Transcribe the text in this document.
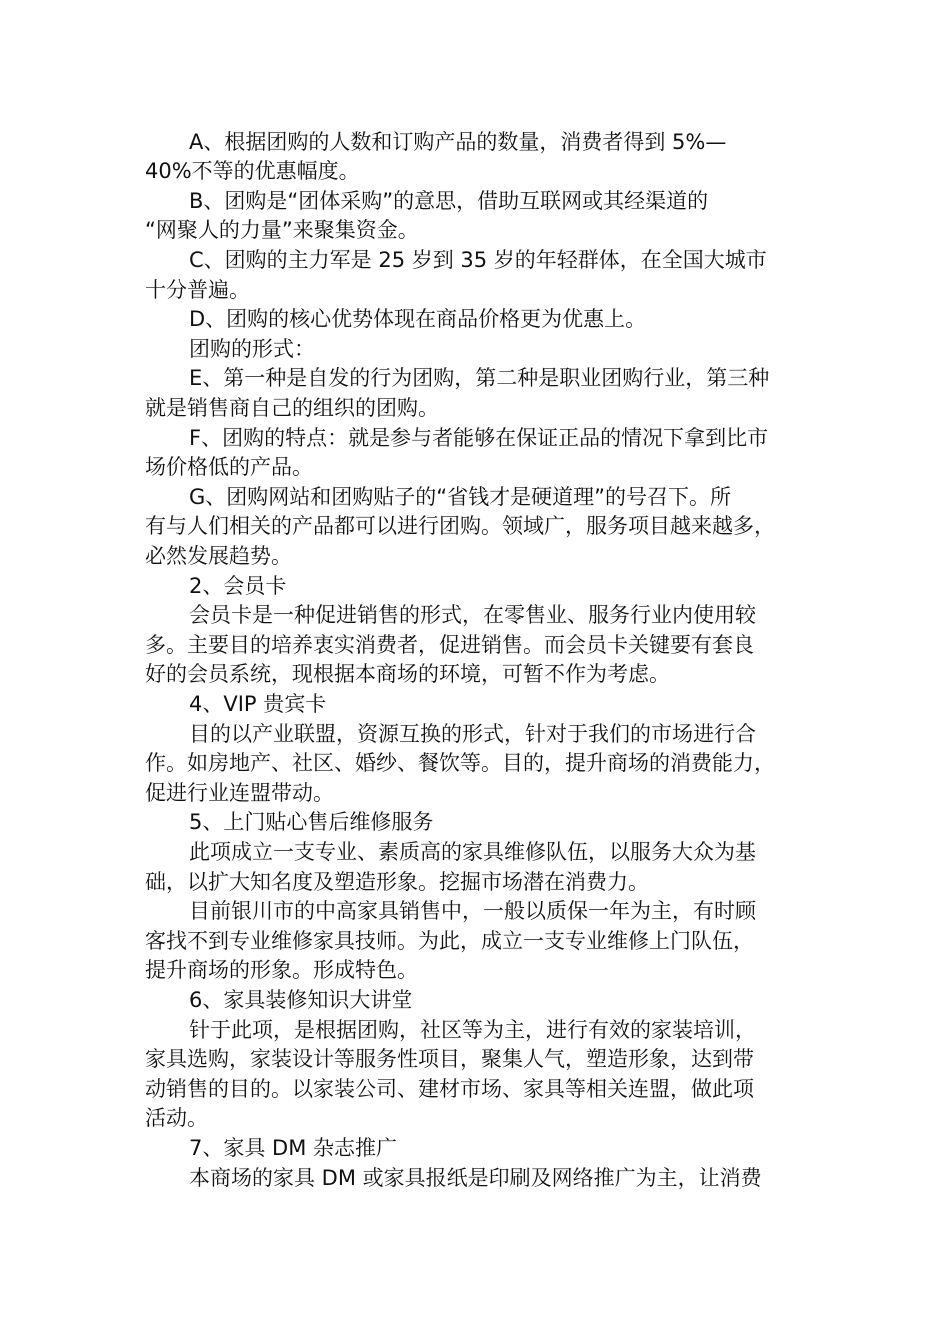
A、根据团购的人数和订购产品的数量，消费者得到 5%—
40%不等的优惠幅度。
B、团购是“团体采购”的意思，借助互联网或其经渠道的
“网聚人的力量”来聚集资金。
C、团购的主力军是 25 岁到 35 岁的年轻群体，在全国大城市
十分普遍。
D、团购的核心优势体现在商品价格更为优惠上。
团购的形式：
E、第一种是自发的行为团购，第二种是职业团购行业，第三种
就是销售商自己的组织的团购。
F、团购的特点：就是参与者能够在保证正品的情况下拿到比市
场价格低的产品。
G、团购网站和团购贴子的“省钱才是硬道理”的号召下。所
有与人们相关的产品都可以进行团购。领域广，服务项目越来越多，
必然发展趋势。
2、会员卡
会员卡是一种促进销售的形式，在零售业、服务行业内使用较
多。主要目的培养衷实消费者，促进销售。而会员卡关键要有套良
好的会员系统，现根据本商场的环境，可暂不作为考虑。
4、VIP 贵宾卡
目的以产业联盟，资源互换的形式，针对于我们的市场进行合
作。如房地产、社区、婚纱、餐饮等。目的，提升商场的消费能力，
促进行业连盟带动。
5、上门贴心售后维修服务
此项成立一支专业、素质高的家具维修队伍，以服务大众为基
础，以扩大知名度及塑造形象。挖掘市场潜在消费力。
目前银川市的中高家具销售中，一般以质保一年为主，有时顾
客找不到专业维修家具技师。为此，成立一支专业维修上门队伍，
提升商场的形象。形成特色。
6、家具装修知识大讲堂
针于此项，是根据团购，社区等为主，进行有效的家装培训，
家具选购，家装设计等服务性项目，聚集人气，塑造形象，达到带
动销售的目的。以家装公司、建材市场、家具等相关连盟，做此项
活动。
7、家具 DM 杂志推广
本商场的家具 DM 或家具报纸是印刷及网络推广为主，让消费
